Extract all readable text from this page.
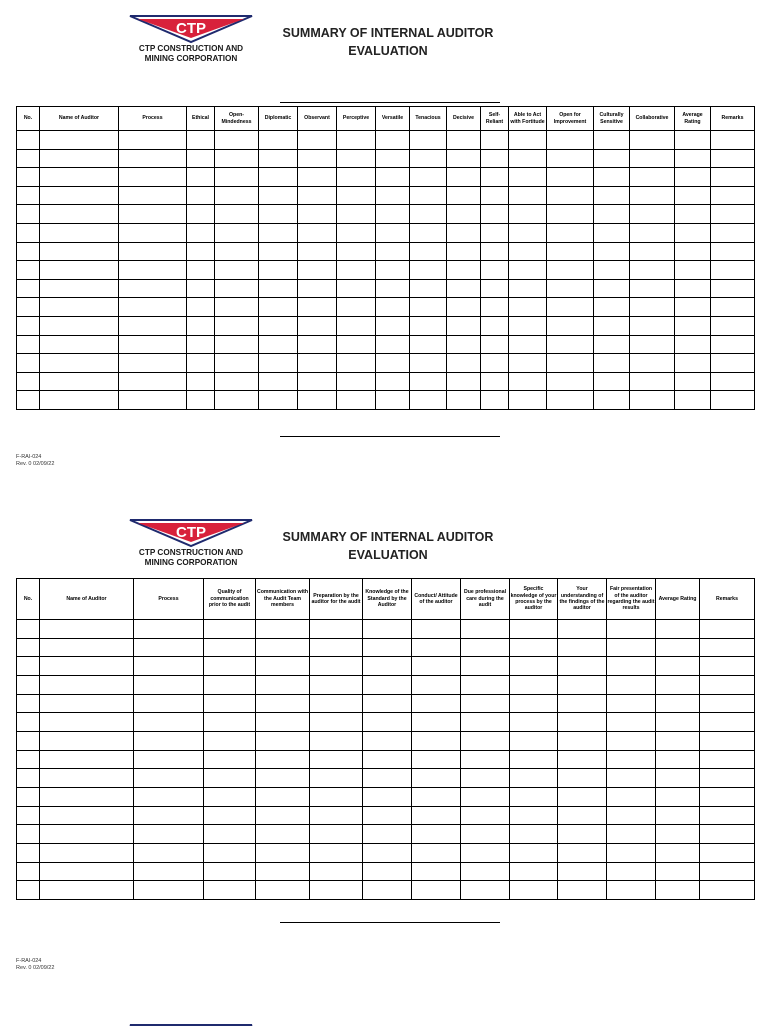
CTP
CTP CONSTRUCTION AND
MINING CORPORATION
SUMMARY OF INTERNAL AUDITOR
EVALUATION
No.	Name of Auditor	Process	Ethical	Open-Mindedness	Diplomatic	Observant	Perceptive	Versatile	Tenacious	Decisive	Self-Reliant	Able to Act with Fortitude	Open for Improvement	Culturally Sensitive	Collaborative	Average Rating	Remarks

F-RAI-024
Rev. 0 02/09/22
CTP
CTP CONSTRUCTION AND
MINING CORPORATION
SUMMARY OF INTERNAL AUDITOR
EVALUATION
No.	Name of Auditor	Process	Quality of communication prior to the audit	Communication with the Audit Team members	Preparation by the auditor for the audit	Knowledge of the Standard by the Auditor	Conduct/ Attitude of the auditor	Due professional care during the audit	Specific knowledge of your process by the auditor	Your understanding of the findings of the auditor	Fair presentation of the auditor regarding the audit results	Average Rating	Remarks

F-RAI-024
Rev. 0 02/09/22
